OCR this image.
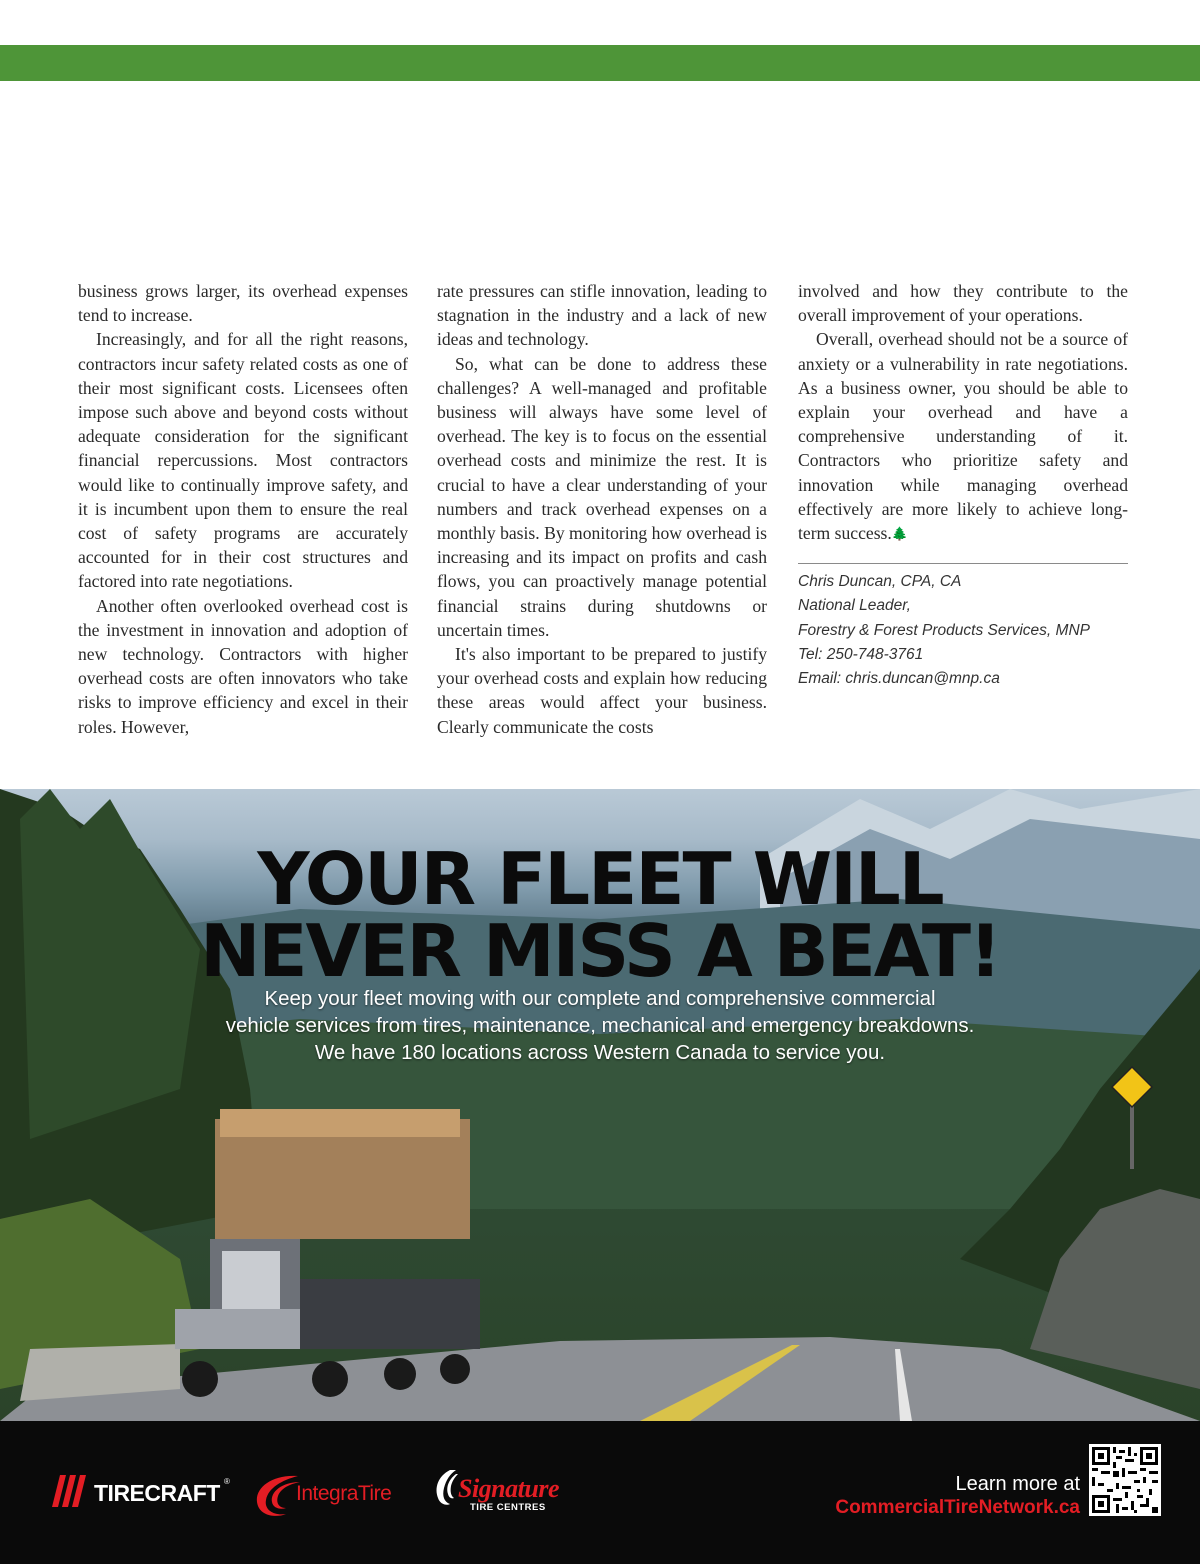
business grows larger, its overhead expenses tend to increase.

Increasingly, and for all the right reasons, contractors incur safety related costs as one of their most significant costs. Licensees often impose such above and beyond costs without adequate consideration for the significant financial repercussions. Most contractors would like to continually improve safety, and it is incumbent upon them to ensure the real cost of safety programs are accurately accounted for in their cost structures and factored into rate negotiations.

Another often overlooked overhead cost is the investment in innovation and adoption of new technology. Contractors with higher overhead costs are often innovators who take risks to improve efficiency and excel in their roles. However,

rate pressures can stifle innovation, leading to stagnation in the industry and a lack of new ideas and technology.

So, what can be done to address these challenges? A well-managed and profitable business will always have some level of overhead. The key is to focus on the essential overhead costs and minimize the rest. It is crucial to have a clear understanding of your numbers and track overhead expenses on a monthly basis. By monitoring how overhead is increasing and its impact on profits and cash flows, you can proactively manage potential financial strains during shutdowns or uncertain times.

It's also important to be prepared to justify your overhead costs and explain how reducing these areas would affect your business. Clearly communicate the costs

involved and how they contribute to the overall improvement of your operations.

Overall, overhead should not be a source of anxiety or a vulnerability in rate negotiations. As a business owner, you should be able to explain your overhead and have a comprehensive understanding of it. Contractors who prioritize safety and innovation while managing overhead effectively are more likely to achieve long-term success.🌲

Chris Duncan, CPA, CA
National Leader,
Forestry & Forest Products Services, MNP
Tel: 250-748-3761
Email: chris.duncan@mnp.ca
YOUR FLEET WILL
NEVER MISS A BEAT!
Keep your fleet moving with our complete and comprehensive commercial
vehicle services from tires, maintenance, mechanical and emergency breakdowns.
We have 180 locations across Western Canada to service you.
TIRECRAFT ®
IntegraTire	Signature
TIRE CENTRES
Learn more at
CommercialTireNetwork.ca
